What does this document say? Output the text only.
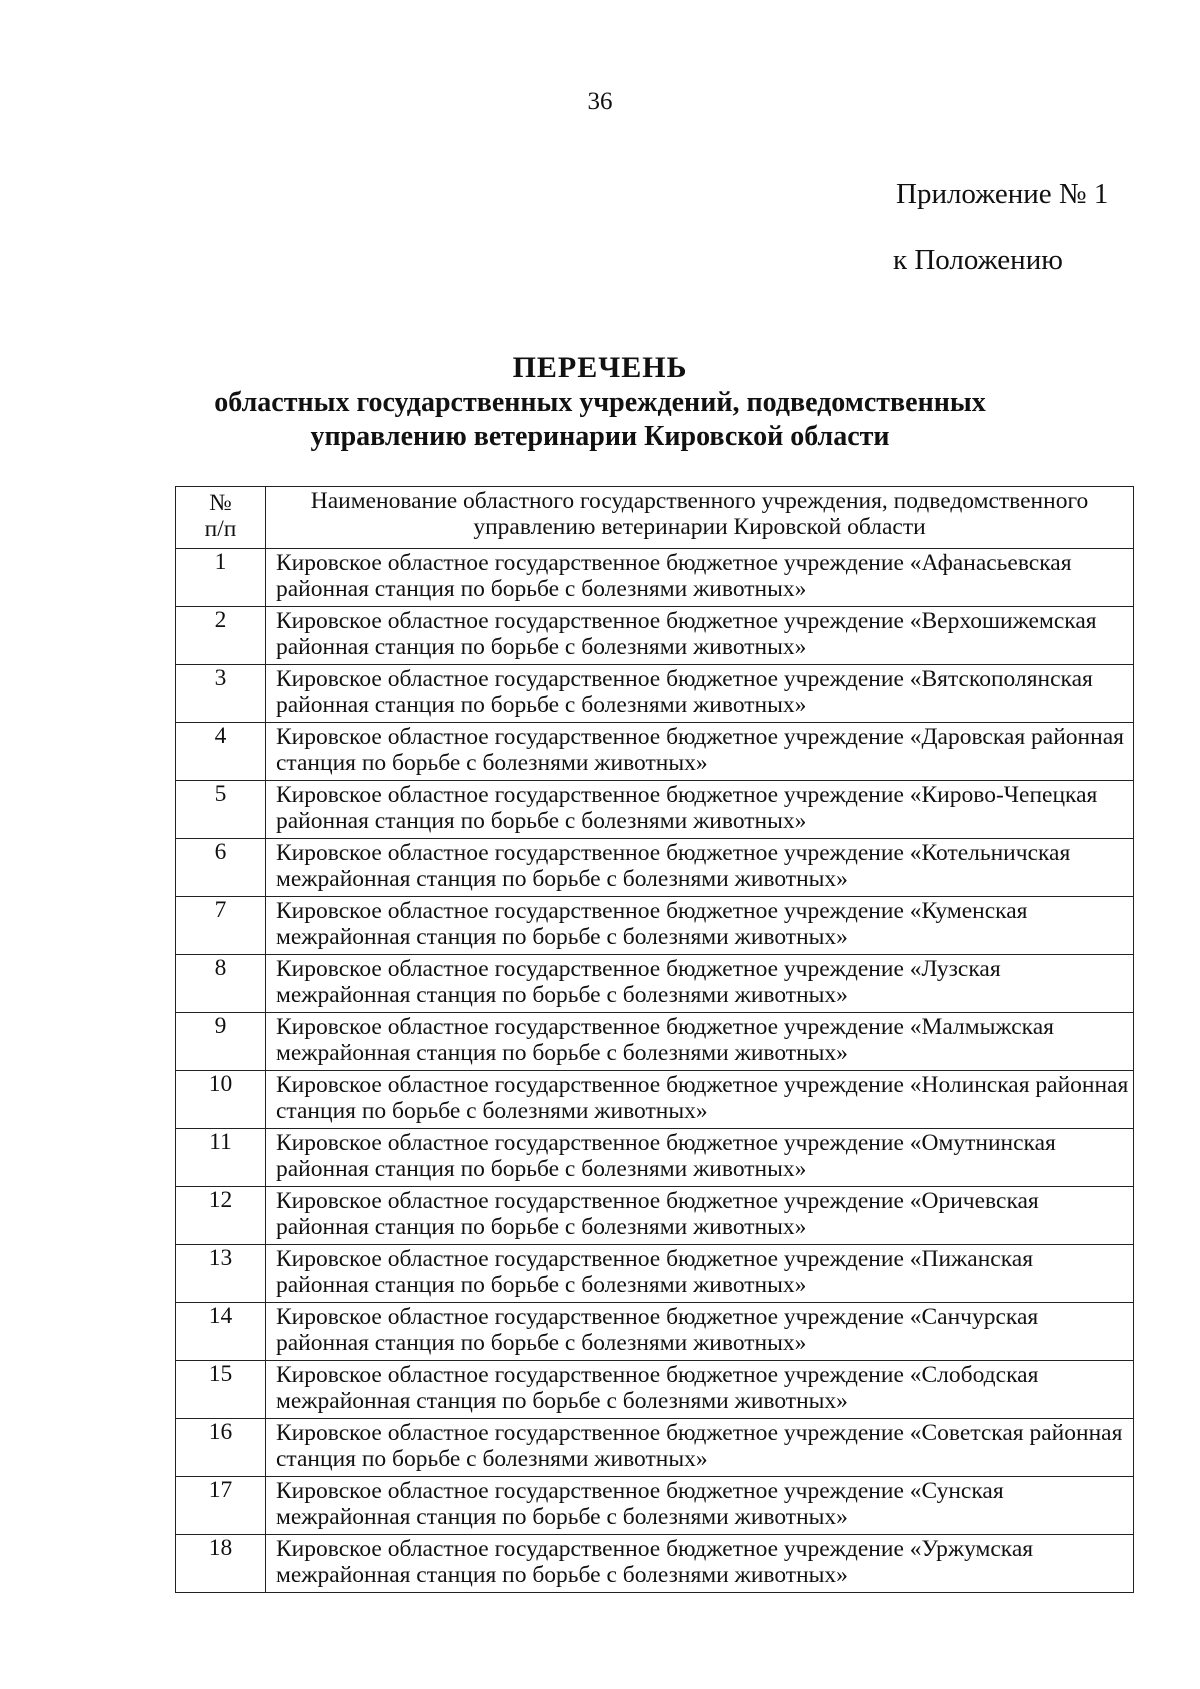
36
Приложение № 1
к Положению
ПЕРЕЧЕНЬ
областных государственных учреждений, подведомственных
управлению ветеринарии Кировской области
№
п/п	Наименование областного государственного учреждения, подведомственного управлению ветеринарии Кировской области
1	Кировское областное государственное бюджетное учреждение «Афанасьевская районная станция по борьбе с болезнями животных»
2	Кировское областное государственное бюджетное учреждение «Верхошижемская районная станция по борьбе с болезнями животных»
3	Кировское областное государственное бюджетное учреждение «Вятскополянская районная станция по борьбе с болезнями животных»
4	Кировское областное государственное бюджетное учреждение «Даровская районная станция по борьбе с болезнями животных»
5	Кировское областное государственное бюджетное учреждение «Кирово-Чепецкая районная станция по борьбе с болезнями животных»
6	Кировское областное государственное бюджетное учреждение «Котельничская межрайонная станция по борьбе с болезнями животных»
7	Кировское областное государственное бюджетное учреждение «Куменская межрайонная станция по борьбе с болезнями животных»
8	Кировское областное государственное бюджетное учреждение «Лузская межрайонная станция по борьбе с болезнями животных»
9	Кировское областное государственное бюджетное учреждение «Малмыжская межрайонная станция по борьбе с болезнями животных»
10	Кировское областное государственное бюджетное учреждение «Нолинская районная станция по борьбе с болезнями животных»
11	Кировское областное государственное бюджетное учреждение «Омутнинская районная станция по борьбе с болезнями животных»
12	Кировское областное государственное бюджетное учреждение «Оричевская районная станция по борьбе с болезнями животных»
13	Кировское областное государственное бюджетное учреждение «Пижанская районная станция по борьбе с болезнями животных»
14	Кировское областное государственное бюджетное учреждение «Санчурская районная станция по борьбе с болезнями животных»
15	Кировское областное государственное бюджетное учреждение «Слободская межрайонная станция по борьбе с болезнями животных»
16	Кировское областное государственное бюджетное учреждение «Советская районная станция по борьбе с болезнями животных»
17	Кировское областное государственное бюджетное учреждение «Сунская межрайонная станция по борьбе с болезнями животных»
18	Кировское областное государственное бюджетное учреждение «Уржумская межрайонная станция по борьбе с болезнями животных»
